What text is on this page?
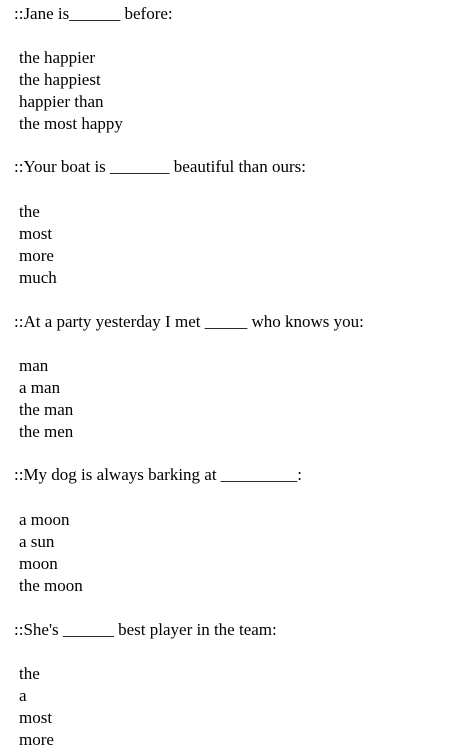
::Jane is______ before:
the happier
the happiest
happier than
the most happy
::Your boat is _______ beautiful than ours:
the
most
more
much
::At a party yesterday I met _____ who knows you:
man
a man
the man
the men
::My dog is always barking at _________:
a moon
a sun
moon
the moon
::She's ______ best player in the team:
the
a
most
more
